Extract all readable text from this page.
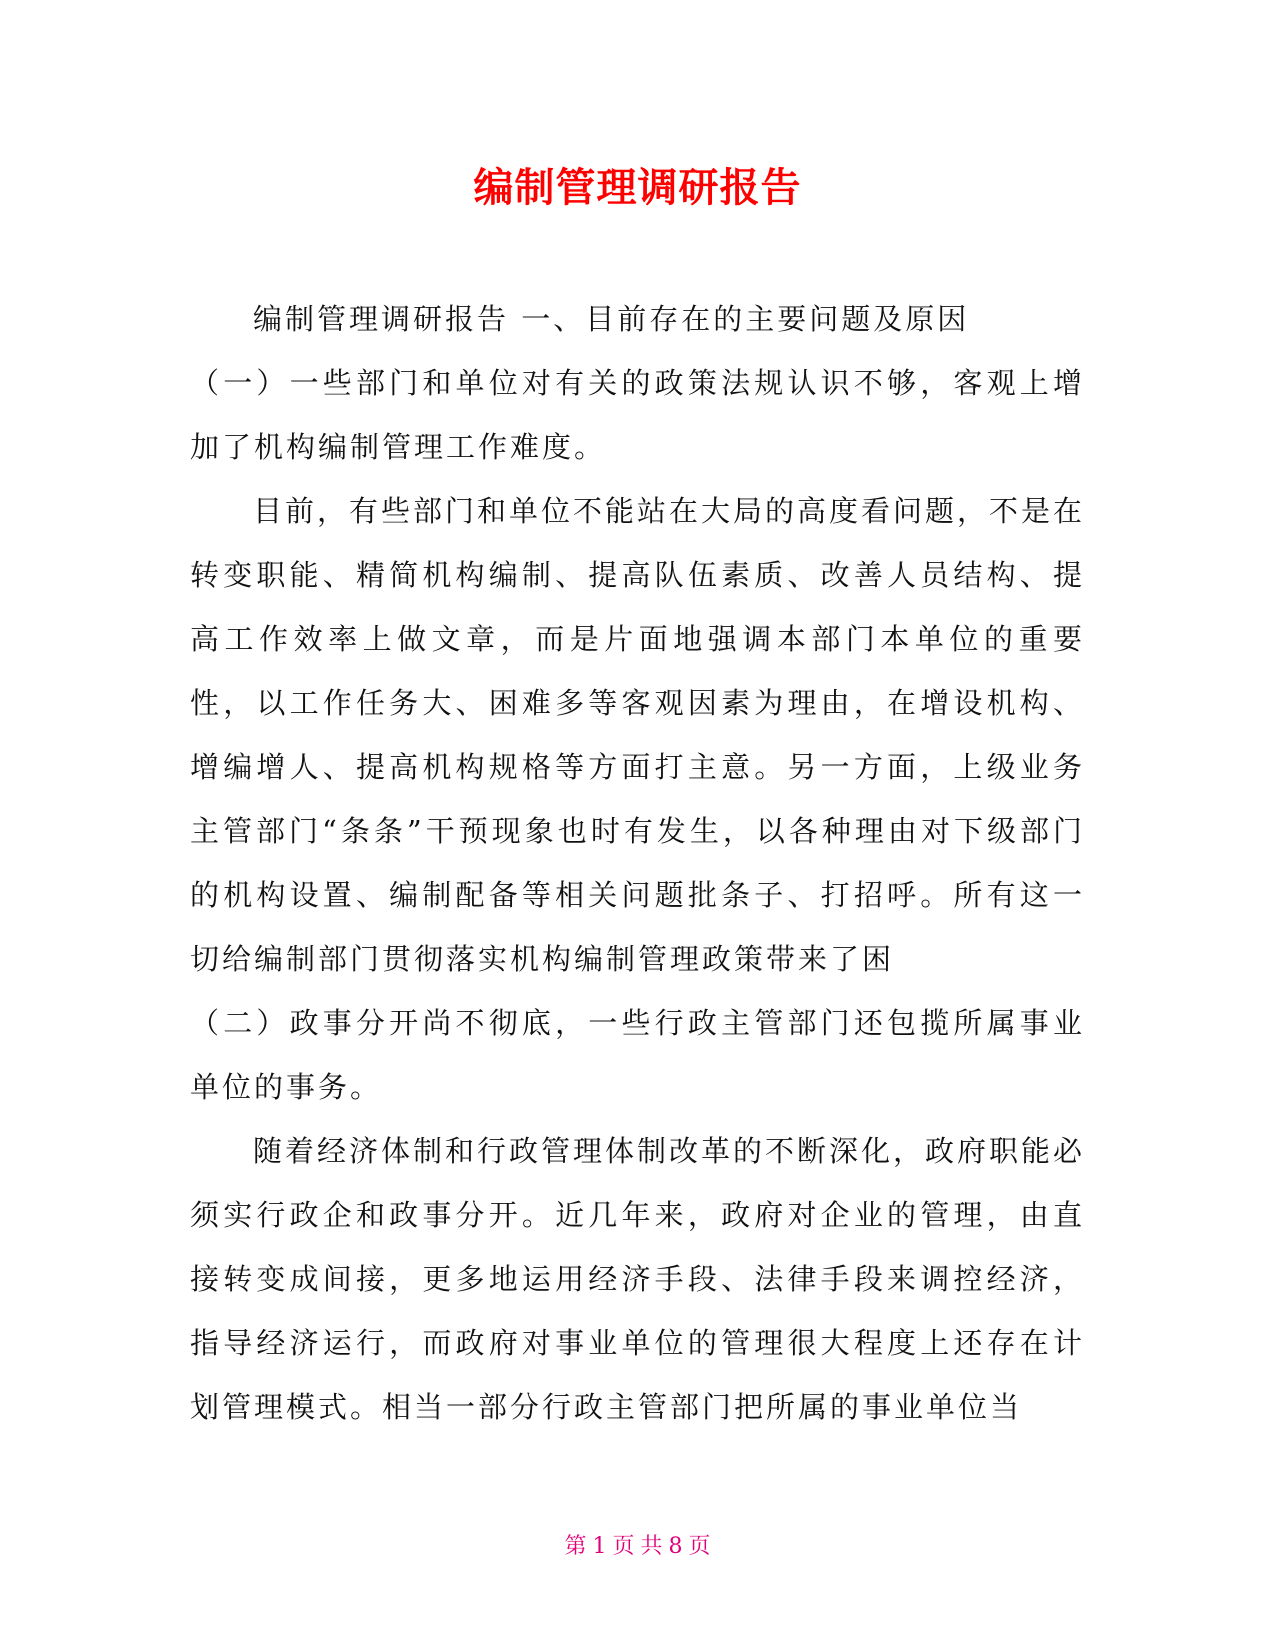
编制管理调研报告

编制管理调研报告 一、目前存在的主要问题及原因

（一）一些部门和单位对有关的政策法规认识不够，客观上增加了机构编制管理工作难度。

目前，有些部门和单位不能站在大局的高度看问题，不是在转变职能、精简机构编制、提高队伍素质、改善人员结构、提高工作效率上做文章，而是片面地强调本部门本单位的重要性，以工作任务大、困难多等客观因素为理由，在增设机构、增编增人、提高机构规格等方面打主意。另一方面，上级业务主管部门“条条”干预现象也时有发生，以各种理由对下级部门的机构设置、编制配备等相关问题批条子、打招呼。所有这一切给编制部门贯彻落实机构编制管理政策带来了困

（二）政事分开尚不彻底，一些行政主管部门还包揽所属事业单位的事务。

随着经济体制和行政管理体制改革的不断深化，政府职能必须实行政企和政事分开。近几年来，政府对企业的管理，由直接转变成间接，更多地运用经济手段、法律手段来调控经济，指导经济运行，而政府对事业单位的管理很大程度上还存在计划管理模式。相当一部分行政主管部门把所属的事业单位当

第 1 页 共 8 页
